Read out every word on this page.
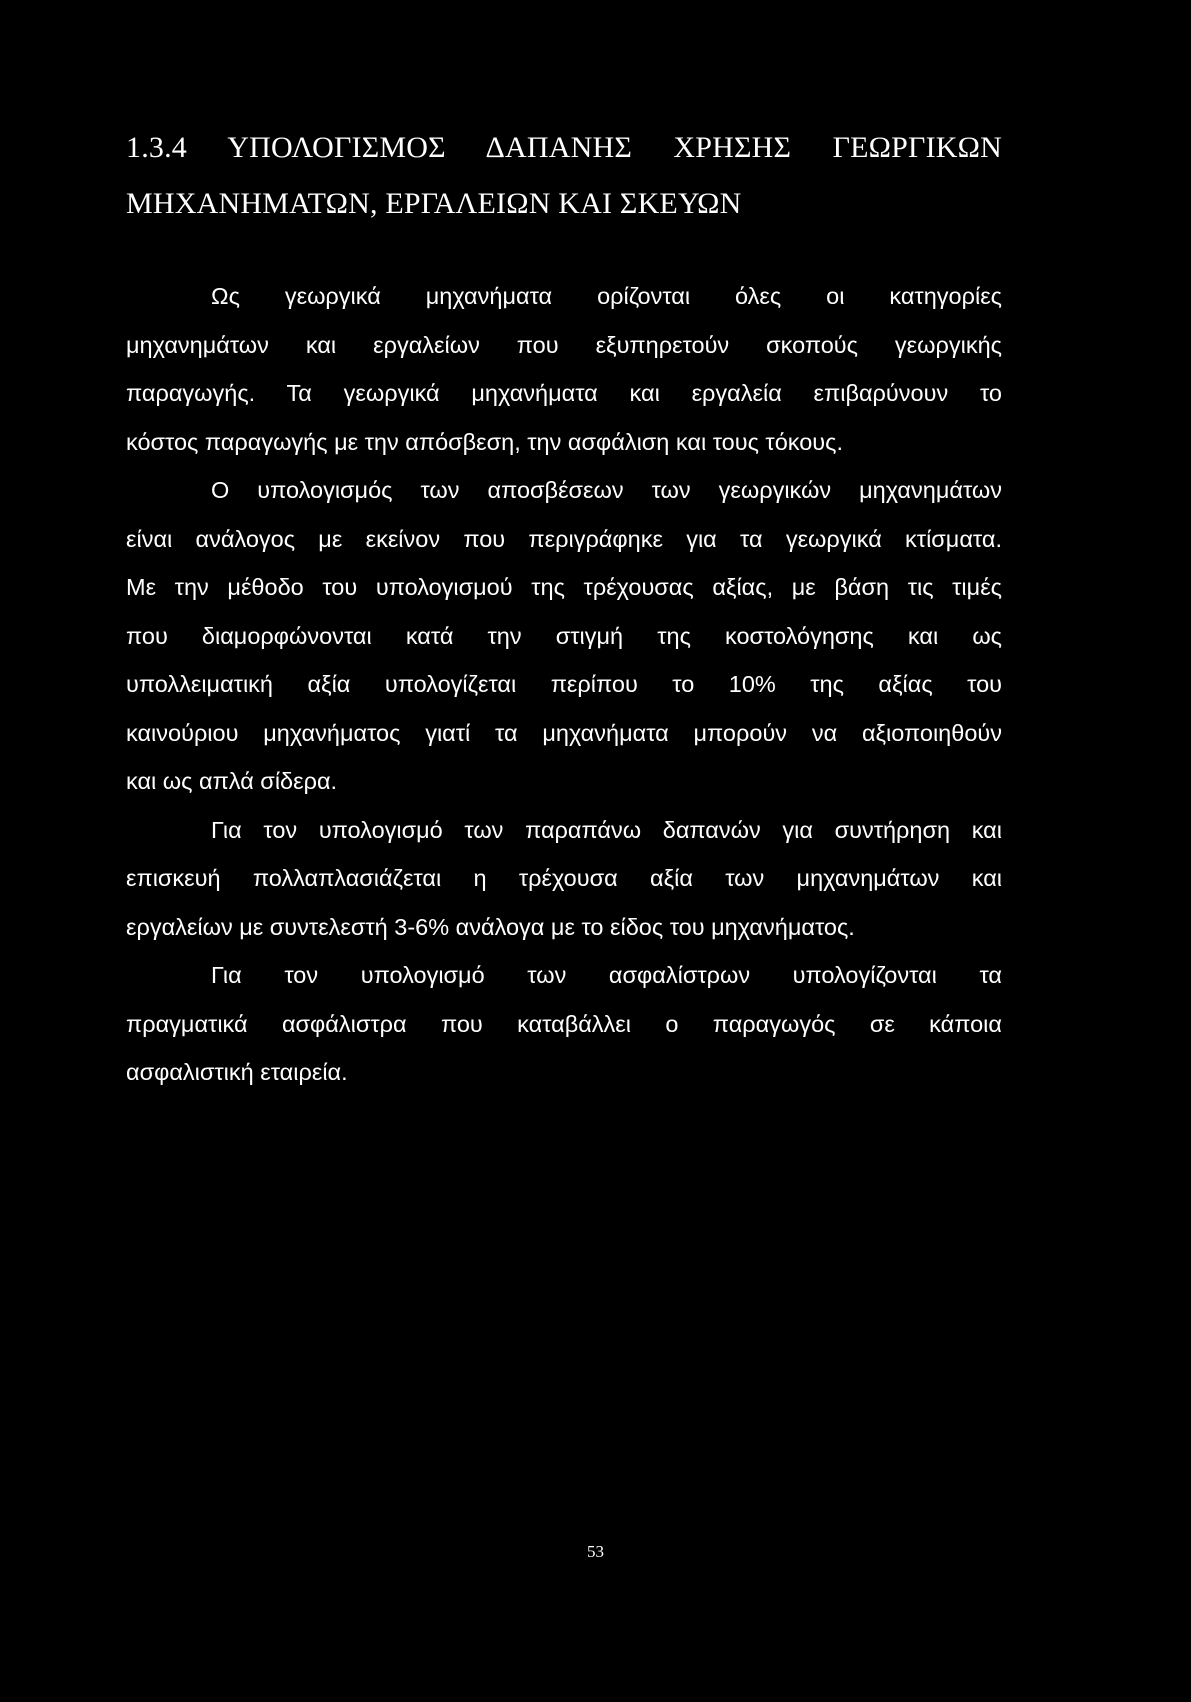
1.3.4 ΥΠΟΛΟΓΙΣΜΟΣ ΔΑΠΑΝΗΣ ΧΡΗΣΗΣ ΓΕΩΡΓΙΚΩΝ
ΜΗΧΑΝΗΜΑΤΩΝ, ΕΡΓΑΛΕΙΩΝ ΚΑΙ ΣΚΕΥΩΝ

Ως γεωργικά μηχανήματα ορίζονται όλες οι κατηγορίες
μηχανημάτων και εργαλείων που εξυπηρετούν σκοπούς γεωργικής
παραγωγής. Τα γεωργικά μηχανήματα και εργαλεία επιβαρύνουν το
κόστος παραγωγής με την απόσβεση, την ασφάλιση και τους τόκους.

Ο υπολογισμός των αποσβέσεων των γεωργικών μηχανημάτων
είναι ανάλογος με εκείνον που περιγράφηκε για τα γεωργικά κτίσματα.
Με την μέθοδο του υπολογισμού της τρέχουσας αξίας, με βάση τις τιμές
που διαμορφώνονται κατά την στιγμή της κοστολόγησης και ως
υπολλειματική αξία υπολογίζεται περίπου το 10% της αξίας του
καινούριου μηχανήματος γιατί τα μηχανήματα μπορούν να αξιοποιηθούν
και ως απλά σίδερα.

Για τον υπολογισμό των παραπάνω δαπανών για συντήρηση και
επισκευή πολλαπλασιάζεται η τρέχουσα αξία των μηχανημάτων και
εργαλείων με συντελεστή 3-6% ανάλογα με το είδος του μηχανήματος.

Για τον υπολογισμό των ασφαλίστρων υπολογίζονται τα
πραγματικά ασφάλιστρα που καταβάλλει ο παραγωγός σε κάποια
ασφαλιστική εταιρεία.

53
